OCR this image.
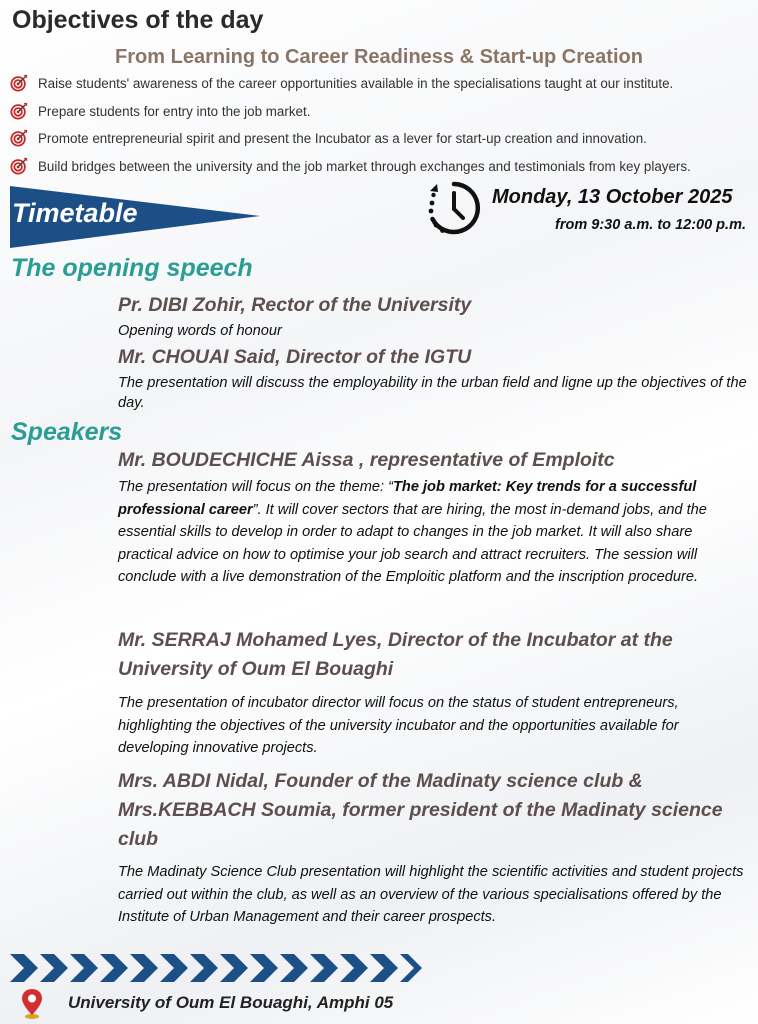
Objectives of the day
From Learning to Career Readiness & Start-up Creation
Raise students' awareness of the career opportunities available in the specialisations taught at our institute.
Prepare students for entry into the job market.
Promote entrepreneurial spirit and present the Incubator as a lever for start-up creation and innovation.
Build bridges between the university and the job market through exchanges and testimonials from key players.
Timetable
Monday, 13 October 2025
from 9:30 a.m. to 12:00 p.m.
The opening speech
Pr. DIBI Zohir, Rector of the University
Opening words of honour
Mr. CHOUAI Said, Director of the IGTU
The presentation will discuss the employability in the urban field and ligne up the objectives of the day.
Speakers
Mr. BOUDECHICHE Aissa , representative of Emploitc
The presentation will focus on the theme: “The job market: Key trends for a successful professional career”. It will cover sectors that are hiring, the most in-demand jobs, and the essential skills to develop in order to adapt to changes in the job market. It will also share practical advice on how to optimise your job search and attract recruiters. The session will conclude with a live demonstration of the Emploitic platform and the inscription procedure.
Mr. SERRAJ Mohamed Lyes, Director of the Incubator at the University of Oum El Bouaghi
The presentation of incubator director will focus on the status of student entrepreneurs, highlighting the objectives of the university incubator and the opportunities available for developing innovative projects.
Mrs. ABDI Nidal, Founder of the Madinaty science club & Mrs.KEBBACH Soumia, former president of the Madinaty science club
The Madinaty Science Club presentation will highlight the scientific activities and student projects carried out within the club, as well as an overview of the various specialisations offered by the Institute of Urban Management and their career prospects.
University of Oum El Bouaghi, Amphi 05
